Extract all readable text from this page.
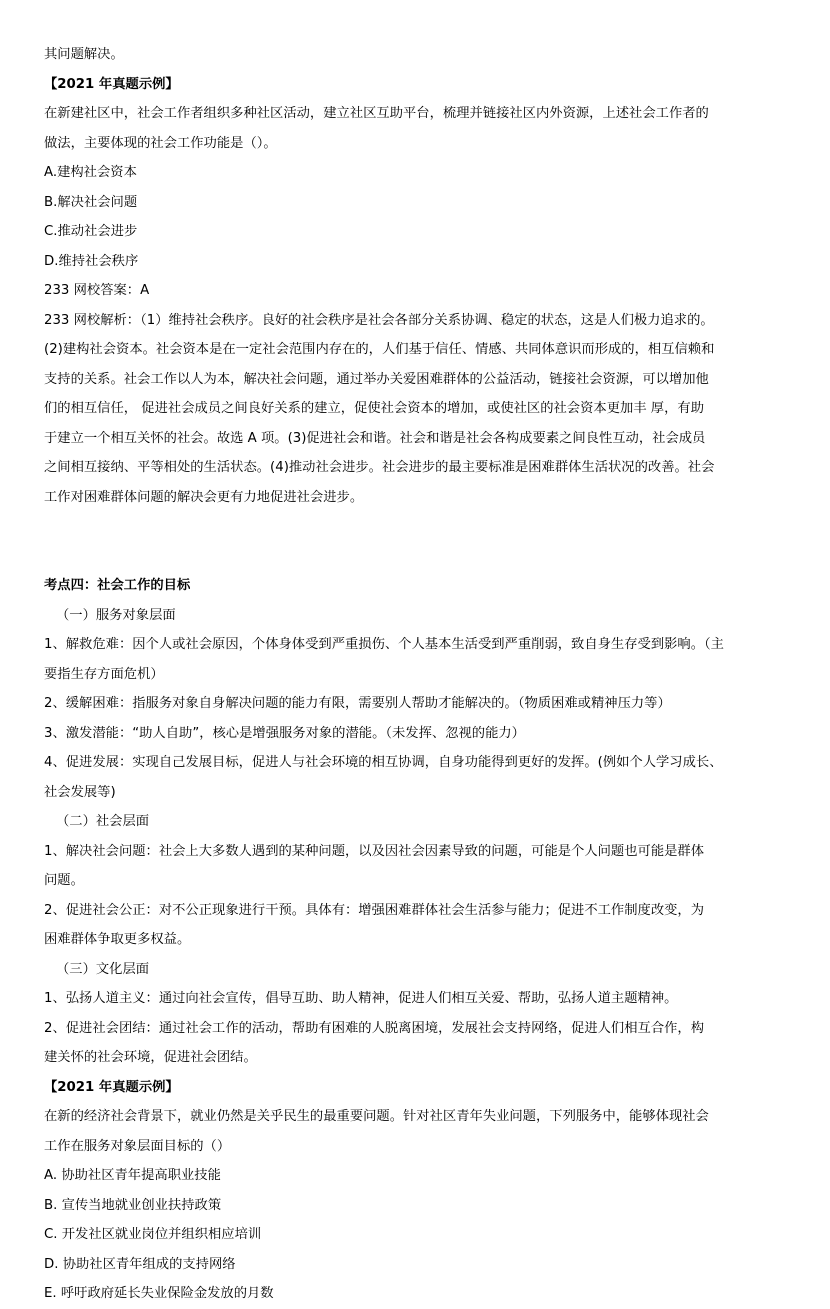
其问题解决。

【2021 年真题示例】

在新建社区中，社会工作者组织多种社区活动，建立社区互助平台，梳理并链接社区内外资源，上述社会工作者的

做法，主要体现的社会工作功能是（）。

A.建构社会资本

B.解决社会问题

C.推动社会进步

D.维持社会秩序

233 网校答案：A

233 网校解析：（1）维持社会秩序。良好的社会秩序是社会各部分关系协调、稳定的状态，这是人们极力追求的。

(2)建构社会资本。社会资本是在一定社会范围内存在的，人们基于信任、情感、共同体意识而形成的，相互信赖和

支持的关系。社会工作以人为本，解决社会问题，通过举办关爱困难群体的公益活动，链接社会资源，可以增加他

们的相互信任， 促进社会成员之间良好关系的建立，促使社会资本的增加，或使社区的社会资本更加丰 厚，有助

于建立一个相互关怀的社会。故选 A 项。(3)促进社会和谐。社会和谐是社会各构成要素之间良性互动，社会成员

之间相互接纳、平等相处的生活状态。(4)推动社会进步。社会进步的最主要标准是困难群体生活状况的改善。社会

工作对困难群体问题的解决会更有力地促进社会进步。

考点四：社会工作的目标

（一）服务对象层面

1、解救危难：因个人或社会原因，个体身体受到严重损伤、个人基本生活受到严重削弱，致自身生存受到影响。（主

要指生存方面危机）

2、缓解困难：指服务对象自身解决问题的能力有限，需要别人帮助才能解决的。（物质困难或精神压力等）

3、激发潜能：“助人自助”，核心是增强服务对象的潜能。（未发挥、忽视的能力）

4、促进发展：实现自己发展目标，促进人与社会环境的相互协调，自身功能得到更好的发挥。(例如个人学习成长、

社会发展等)

（二）社会层面

1、解决社会问题：社会上大多数人遇到的某种问题，以及因社会因素导致的问题，可能是个人问题也可能是群体

问题。

2、促进社会公正：对不公正现象进行干预。具体有：增强困难群体社会生活参与能力；促进不工作制度改变，为

困难群体争取更多权益。

（三）文化层面

1、弘扬人道主义：通过向社会宣传，倡导互助、助人精神，促进人们相互关爱、帮助，弘扬人道主题精神。

2、促进社会团结：通过社会工作的活动，帮助有困难的人脱离困境，发展社会支持网络，促进人们相互合作，构

建关怀的社会环境，促进社会团结。

【2021 年真题示例】

在新的经济社会背景下，就业仍然是关乎民生的最重要问题。针对社区青年失业问题，下列服务中，能够体现社会

工作在服务对象层面目标的（）

A. 协助社区青年提高职业技能

B. 宣传当地就业创业扶持政策

C. 开发社区就业岗位并组织相应培训

D. 协助社区青年组成的支持网络

E. 呼吁政府延长失业保险金发放的月数
